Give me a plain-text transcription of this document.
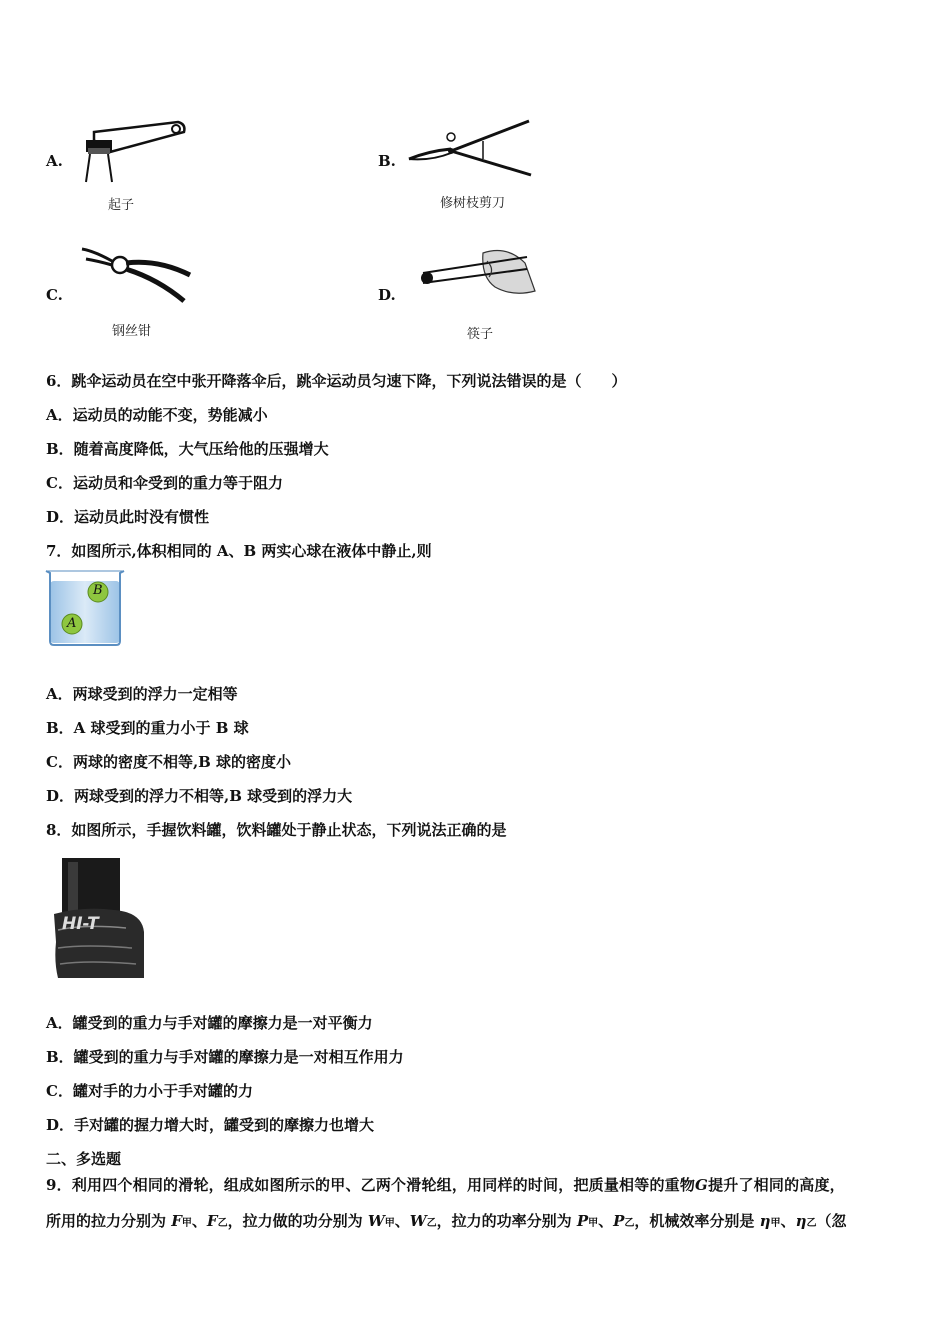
A.
起子
B.
修树枝剪刀
C.
钢丝钳
D.
筷子
6．跳伞运动员在空中张开降落伞后，跳伞运动员匀速下降，下列说法错误的是（　　）
A．运动员的动能不变，势能减小
B．随着高度降低，大气压给他的压强增大
C．运动员和伞受到的重力等于阻力
D．运动员此时没有惯性
7．如图所示,体积相同的 A、B 两实心球在液体中静止,则
B
A
A．两球受到的浮力一定相等
B．A 球受到的重力小于 B 球
C．两球的密度不相等,B 球的密度小
D．两球受到的浮力不相等,B 球受到的浮力大
8．如图所示，手握饮料罐，饮料罐处于静止状态，下列说法正确的是
HI-T
A．罐受到的重力与手对罐的摩擦力是一对平衡力
B．罐受到的重力与手对罐的摩擦力是一对相互作用力
C．罐对手的力小于手对罐的力
D．手对罐的握力增大时，罐受到的摩擦力也增大
二、多选题
9．利用四个相同的滑轮，组成如图所示的甲、乙两个滑轮组，用同样的时间，把质量相等的重物G提升了相同的高度，
所用的拉力分别为 F甲、F乙，拉力做的功分别为 W甲、W乙，拉力的功率分别为 P甲、P乙，机械效率分别是 η甲、η乙（忽
